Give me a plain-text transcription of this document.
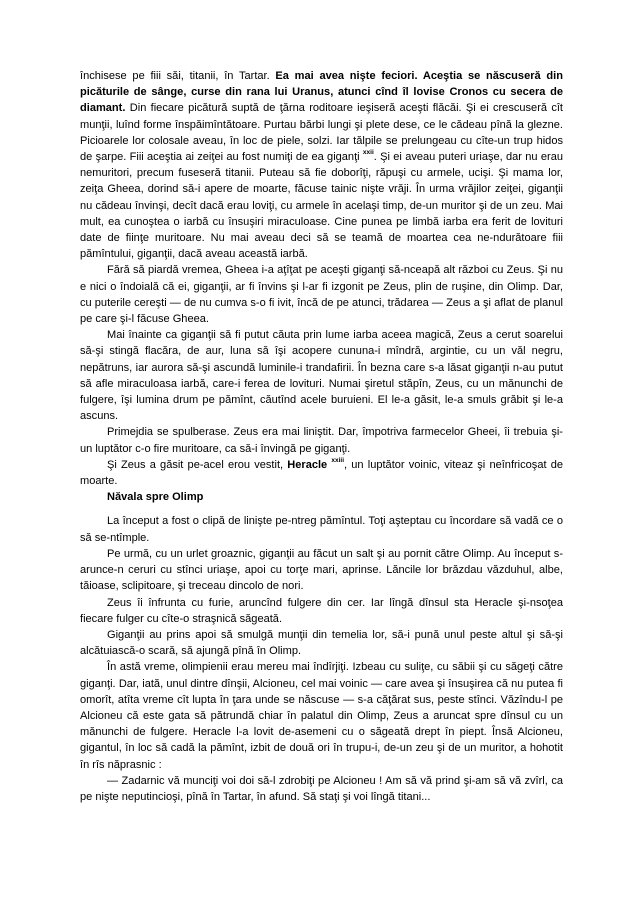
închisese pe fiii săi, titanii, în Tartar. Ea mai avea nişte feciori. Aceştia se născuseră din picăturile de sânge, curse din rana lui Uranus, atunci cînd îl lovise Cronos cu secera de diamant. Din fiecare picătură suptă de ţărna roditoare ieşiseră aceşti flăcăi. Şi ei crescuseră cît munţii, luînd forme înspăimîntătoare. Purtau bărbi lungi şi plete dese, ce le cădeau pînă la glezne. Picioarele lor colosale aveau, în loc de piele, solzi. Iar tălpile se prelungeau cu cîte-un trup hidos de şarpe. Fiii aceştia ai zeiţei au fost numiţi de ea giganţi $^{xxii}$. Şi ei aveau puteri uriaşe, dar nu erau nemuritori, precum fuseseră titanii. Puteau să fie doborîţi, răpuşi cu armele, ucişi. Şi mama lor, zeiţa Gheea, dorind să-i apere de moarte, făcuse tainic nişte vrăji. În urma vrăjilor zeiţei, giganţii nu cădeau învinşi, decît dacă erau loviţi, cu armele în acelaşi timp, de-un muritor şi de un zeu. Mai mult, ea cunoştea o iarbă cu însuşiri miraculoase. Cine punea pe limbă iarba era ferit de lovituri date de fiinţe muritoare. Nu mai aveau deci să se teamă de moartea cea ne-ndurătoare fiii pămîntului, giganţii, dacă aveau această iarbă.

Fără să piardă vremea, Gheea i-a aţîţat pe aceşti giganţi să-nceapă alt război cu Zeus. Şi nu e nici o îndoială că ei, giganţii, ar fi învins şi l-ar fi izgonit pe Zeus, plin de ruşine, din Olimp. Dar, cu puterile cereşti — de nu cumva s-o fi ivit, încă de pe atunci, trădarea — Zeus a şi aflat de planul pe care şi-l făcuse Gheea.

Mai înainte ca giganţii să fi putut căuta prin lume iarba aceea magică, Zeus a cerut soarelui să-şi stingă flacăra, de aur, luna să îşi acopere cununa-i mîndră, argintie, cu un văl negru, nepătruns, iar aurora să-şi ascundă luminile-i trandafirii. În bezna care s-a lăsat giganţii n-au putut să afle miraculoasa iarbă, care-i ferea de lovituri. Numai şiretul stăpîn, Zeus, cu un mănunchi de fulgere, îşi lumina drum pe pămînt, căutînd acele buruieni. El le-a găsit, le-a smuls grăbit şi le-a ascuns.

Primejdia se spulberase. Zeus era mai liniştit. Dar, împotriva farmecelor Gheei, îi trebuia şi-un luptător c-o fire muritoare, ca să-i învingă pe giganţi.

Şi Zeus a găsit pe-acel erou vestit, Heracle $^{xxiii}$, un luptător voinic, viteaz şi neînfricoşat de moarte.

Năvala spre Olimp

La început a fost o clipă de linişte pe-ntreg pămîntul. Toţi aşteptau cu încordare să vadă ce o să se-ntîmple.

Pe urmă, cu un urlet groaznic, giganţii au făcut un salt şi au pornit către Olimp. Au început s-arunce-n ceruri cu stînci uriaşe, apoi cu torţe mari, aprinse. Lăncile lor brăzdau văzduhul, albe, tăioase, sclipitoare, şi treceau dincolo de nori.

Zeus îi înfrunta cu furie, aruncînd fulgere din cer. Iar lîngă dînsul sta Heracle şi-nsoţea fiecare fulger cu cîte-o straşnică săgeată.

Giganţii au prins apoi să smulgă munţii din temelia lor, să-i pună unul peste altul şi să-şi alcătuiască-o scară, să ajungă pînă în Olimp.

În astă vreme, olimpienii erau mereu mai îndîrjiţi. Izbeau cu suliţe, cu săbii şi cu săgeţi către giganţi. Dar, iată, unul dintre dînşii, Alcioneu, cel mai voinic — care avea şi însuşirea că nu putea fi omorît, atîta vreme cît lupta în ţara unde se născuse — s-a căţărat sus, peste stînci. Văzîndu-l pe Alcioneu că este gata să pătrundă chiar în palatul din Olimp, Zeus a aruncat spre dînsul cu un mănunchi de fulgere. Heracle l-a lovit de-asemeni cu o săgeată drept în piept. Însă Alcioneu, gigantul, în loc să cadă la pămînt, izbit de două ori în trupu-i, de-un zeu şi de un muritor, a hohotit în rîs năprasnic :

— Zadarnic vă munciţi voi doi să-l zdrobiţi pe Alcioneu ! Am să vă prind şi-am să vă zvîrl, ca pe nişte neputincioşi, pînă în Tartar, în afund. Să staţi şi voi lîngă titani...
